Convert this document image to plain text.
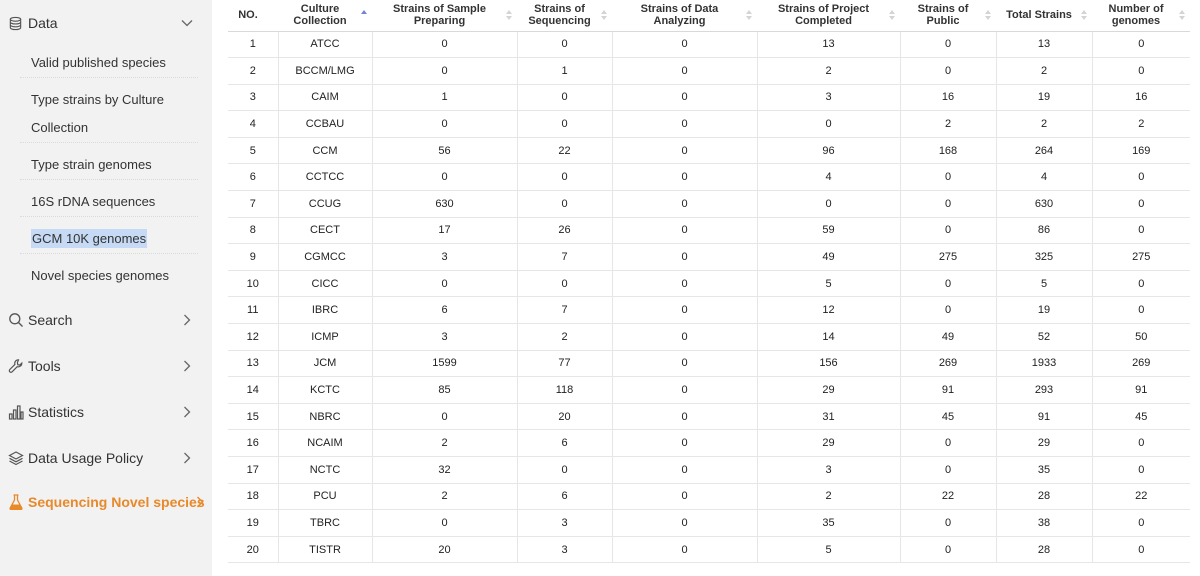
Data
Valid published species
Type strains by Culture Collection
Type strain genomes
16S rDNA sequences
GCM 10K genomes
Novel species genomes
Search
Tools
Statistics
Data Usage Policy
Sequencing Novel species
NO.	Culture Collection	Strains of Sample Preparing	Strains of Sequencing	Strains of Data Analyzing	Strains of Project Completed	Strains of Public	Total Strains	Number of genomes

1	ATCC	0	0	0	13	0	13	0
2	BCCM/LMG	0	1	0	2	0	2	0
3	CAIM	1	0	0	3	16	19	16
4	CCBAU	0	0	0	0	2	2	2
5	CCM	56	22	0	96	168	264	169
6	CCTCC	0	0	0	4	0	4	0
7	CCUG	630	0	0	0	0	630	0
8	CECT	17	26	0	59	0	86	0
9	CGMCC	3	7	0	49	275	325	275
10	CICC	0	0	0	5	0	5	0
11	IBRC	6	7	0	12	0	19	0
12	ICMP	3	2	0	14	49	52	50
13	JCM	1599	77	0	156	269	1933	269
14	KCTC	85	118	0	29	91	293	91
15	NBRC	0	20	0	31	45	91	45
16	NCAIM	2	6	0	29	0	29	0
17	NCTC	32	0	0	3	0	35	0
18	PCU	2	6	0	2	22	28	22
19	TBRC	0	3	0	35	0	38	0
20	TISTR	20	3	0	5	0	28	0
